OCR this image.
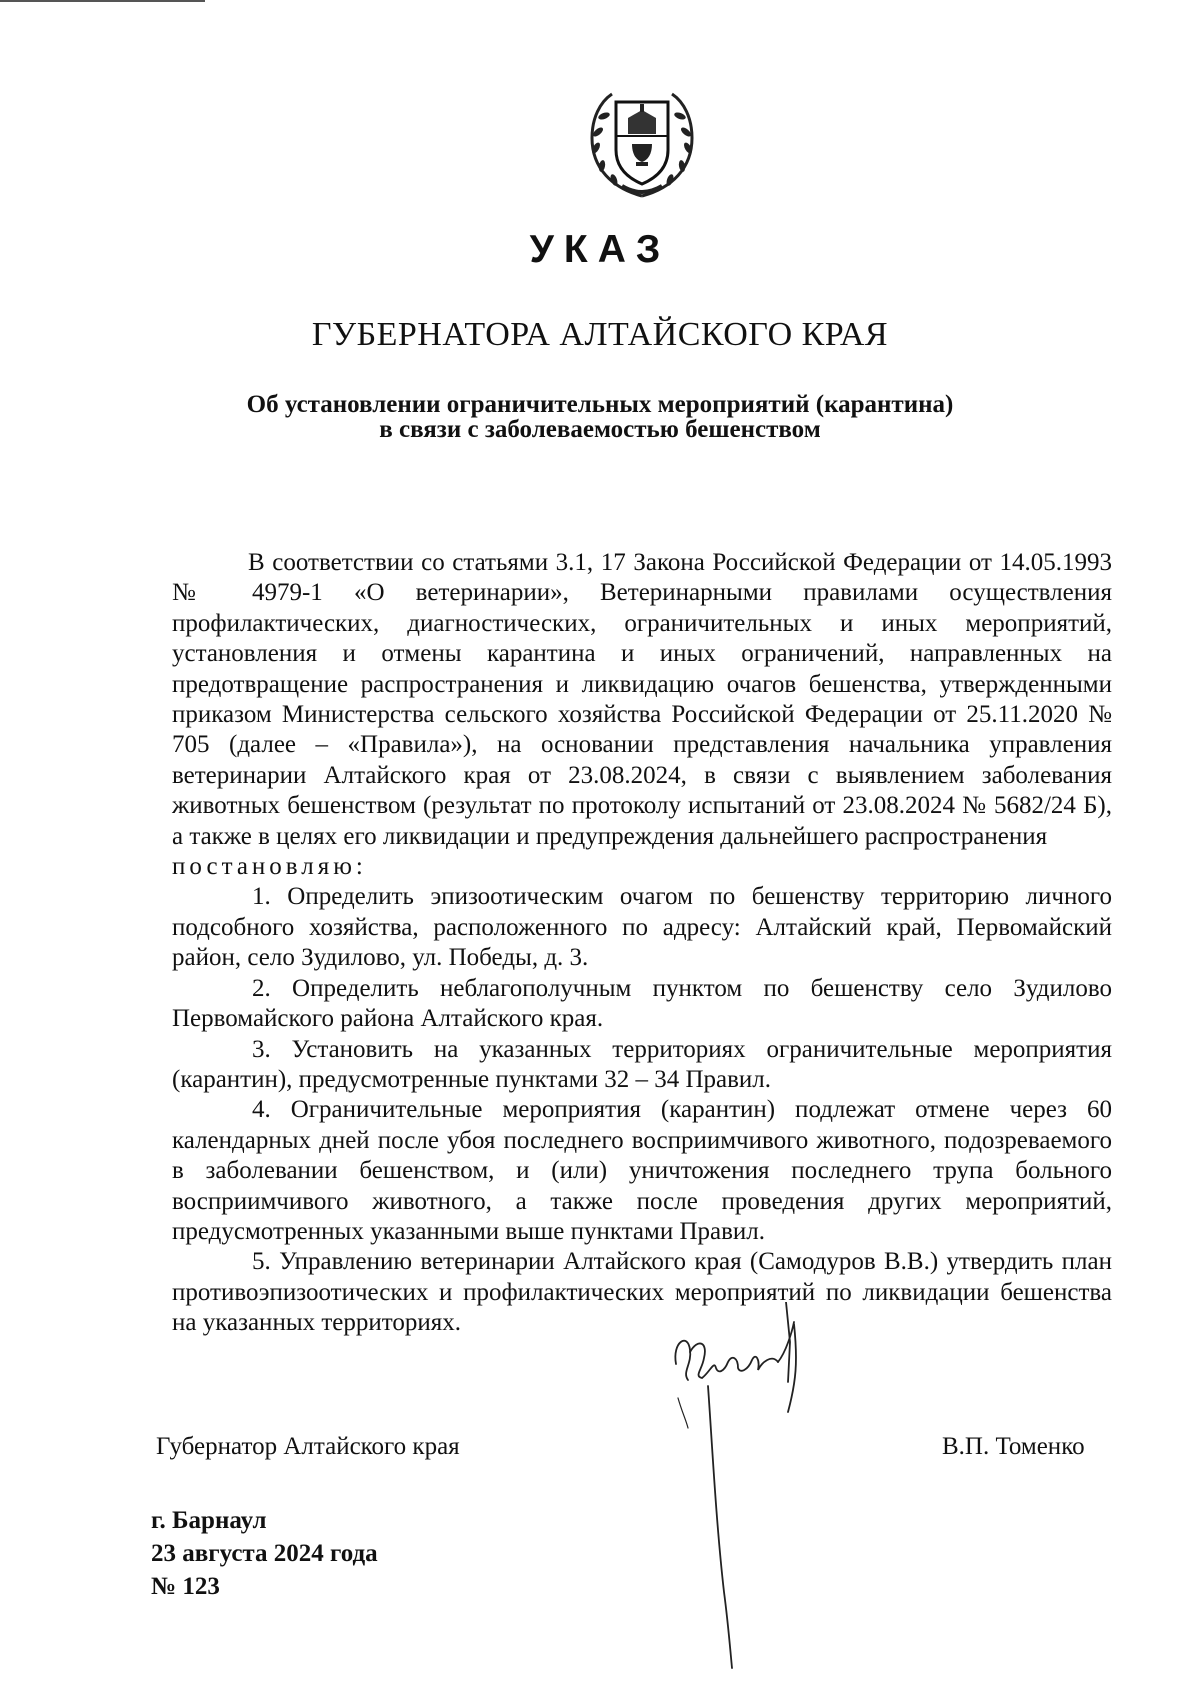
УКАЗ
ГУБЕРНАТОРА АЛТАЙСКОГО КРАЯ
Об установлении ограничительных мероприятий (карантина)
в связи с заболеваемостью бешенством

В соответствии со статьями 3.1, 17 Закона Российской Федерации от 14.05.1993 № 4979-1 «О ветеринарии», Ветеринарными правилами осуществления профилактических, диагностических, ограничительных и иных мероприятий, установления и отмены карантина и иных ограничений, направленных на предотвращение распространения и ликвидацию очагов бешенства, утвержденными приказом Министерства сельского хозяйства Российской Федерации от 25.11.2020 № 705 (далее – «Правила»), на основании представления начальника управления ветеринарии Алтайского края от 23.08.2024, в связи с выявлением заболевания животных бешенством (результат по протоколу испытаний от 23.08.2024 № 5682/24 Б), а также в целях его ликвидации и предупреждения дальнейшего распространения

постановляю:

1. Определить эпизоотическим очагом по бешенству территорию личного подсобного хозяйства, расположенного по адресу: Алтайский край, Первомайский район, село Зудилово, ул. Победы, д. 3.

2. Определить неблагополучным пунктом по бешенству село Зудилово Первомайского района Алтайского края.

3. Установить на указанных территориях ограничительные мероприятия (карантин), предусмотренные пунктами 32 – 34 Правил.

4. Ограничительные мероприятия (карантин) подлежат отмене через 60 календарных дней после убоя последнего восприимчивого животного, подозреваемого в заболевании бешенством, и (или) уничтожения последнего трупа больного восприимчивого животного, а также после проведения других мероприятий, предусмотренных указанными выше пунктами Правил.

5. Управлению ветеринарии Алтайского края (Самодуров В.В.) утвердить план противоэпизоотических и профилактических мероприятий по ликвидации бешенства на указанных территориях.

Губернатор Алтайского края	В.П. Томенко
г. Барнаул
23 августа 2024 года
№ 123
